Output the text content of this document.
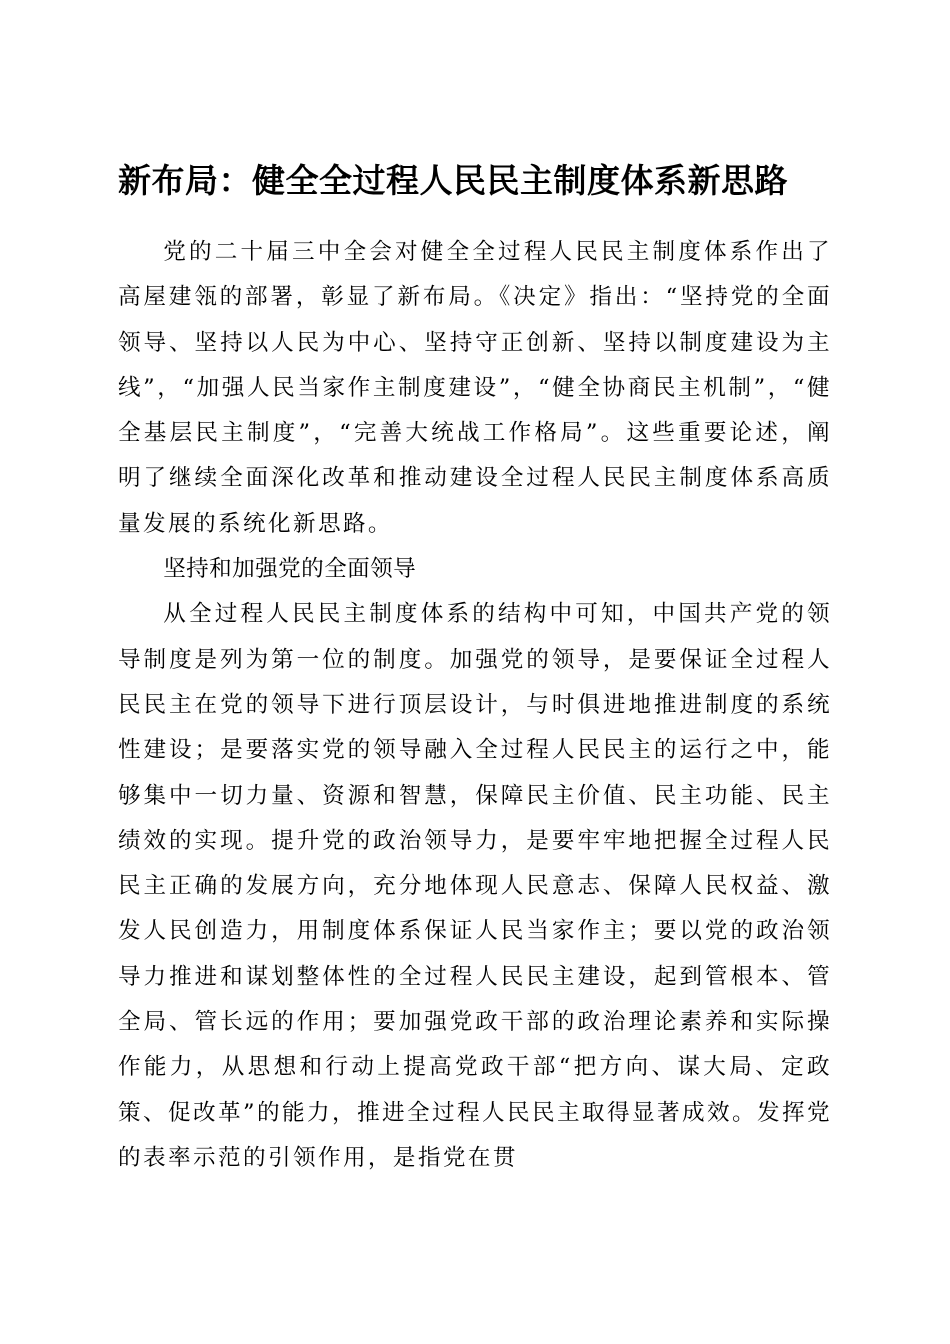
新布局：健全全过程人民民主制度体系新思路

党的二十届三中全会对健全全过程人民民主制度体系作出了高屋建瓴的部署，彰显了新布局。《决定》指出：“坚持党的全面领导、坚持以人民为中心、坚持守正创新、坚持以制度建设为主线”，“加强人民当家作主制度建设”，“健全协商民主机制”，“健全基层民主制度”，“完善大统战工作格局”。这些重要论述，阐明了继续全面深化改革和推动建设全过程人民民主制度体系高质量发展的系统化新思路。

坚持和加强党的全面领导

从全过程人民民主制度体系的结构中可知，中国共产党的领导制度是列为第一位的制度。加强党的领导，是要保证全过程人民民主在党的领导下进行顶层设计，与时俱进地推进制度的系统性建设；是要落实党的领导融入全过程人民民主的运行之中，能够集中一切力量、资源和智慧，保障民主价值、民主功能、民主绩效的实现。提升党的政治领导力，是要牢牢地把握全过程人民民主正确的发展方向，充分地体现人民意志、保障人民权益、激发人民创造力，用制度体系保证人民当家作主；要以党的政治领导力推进和谋划整体性的全过程人民民主建设，起到管根本、管全局、管长远的作用；要加强党政干部的政治理论素养和实际操作能力，从思想和行动上提高党政干部“把方向、谋大局、定政策、促改革”的能力，推进全过程人民民主取得显著成效。发挥党的表率示范的引领作用，是指党在贯
